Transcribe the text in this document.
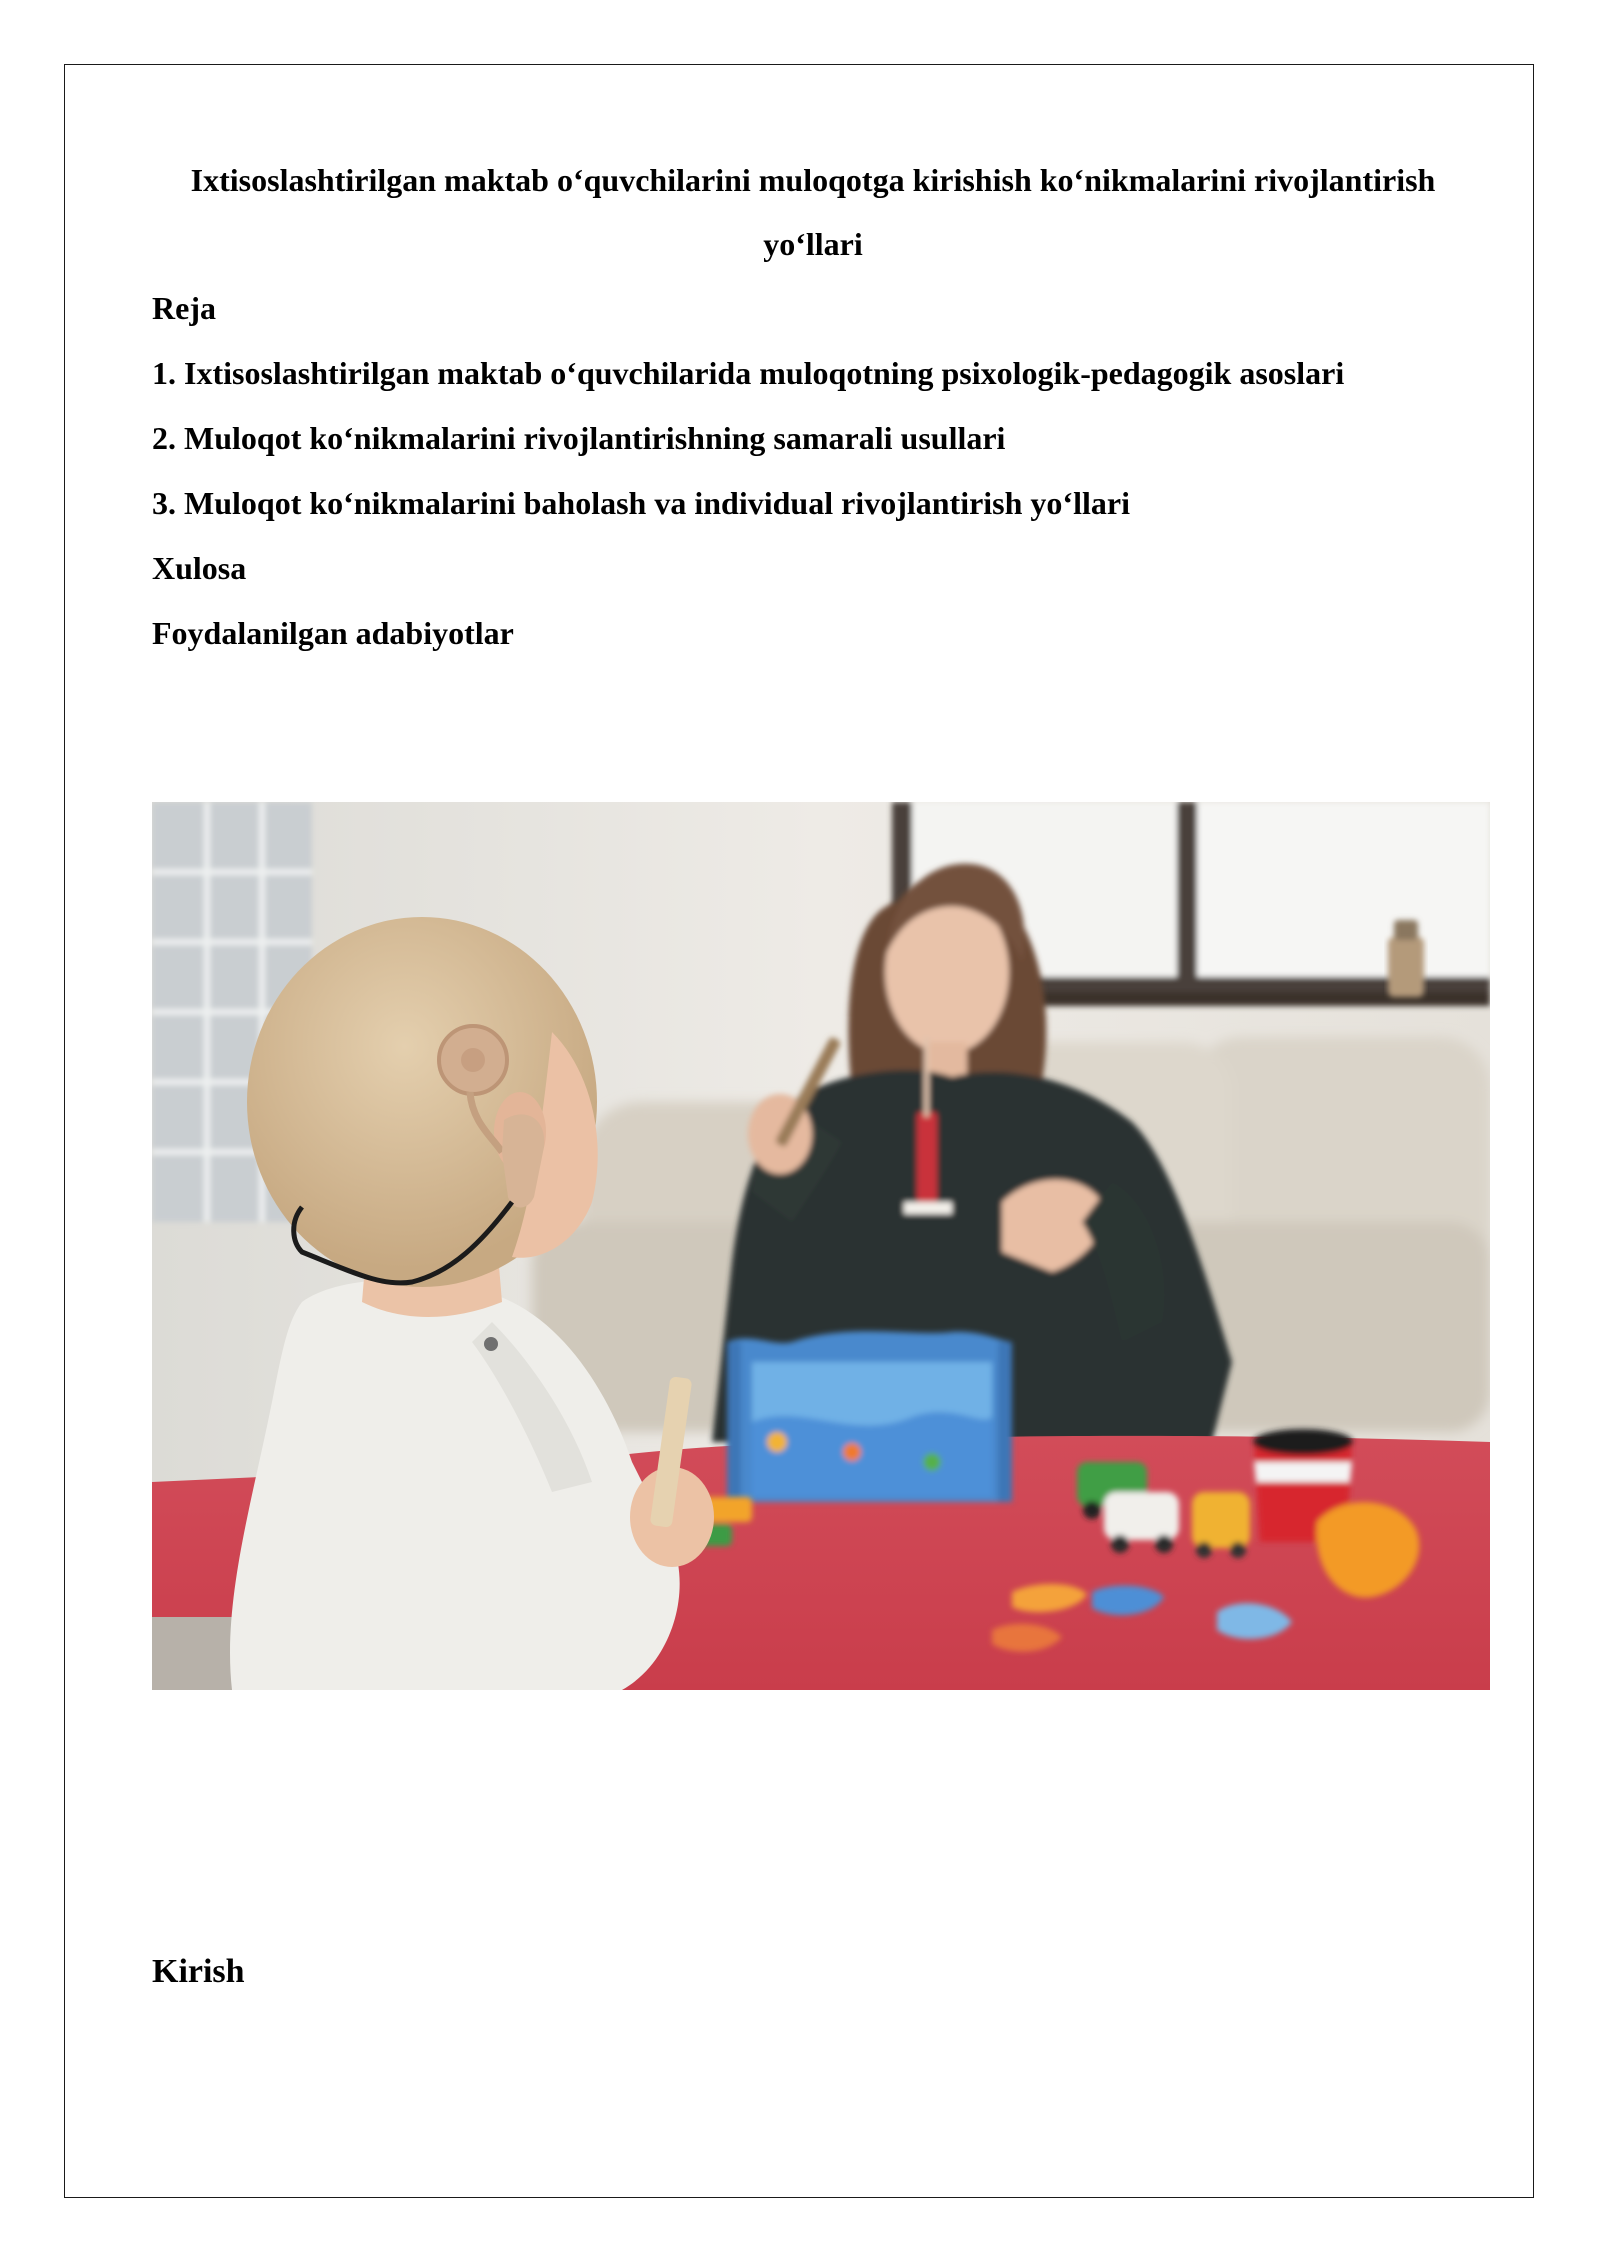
Ixtisoslashtirilgan maktab o‘quvchilarini muloqotga kirishish ko‘nikmalarini rivojlantirish yo‘llari

Reja

1. Ixtisoslashtirilgan maktab o‘quvchilarida muloqotning psixologik-pedagogik asoslari

2. Muloqot ko‘nikmalarini rivojlantirishning samarali usullari

3. Muloqot ko‘nikmalarini baholash va individual rivojlantirish yo‘llari

Xulosa

Foydalanilgan adabiyotlar

Kirish
